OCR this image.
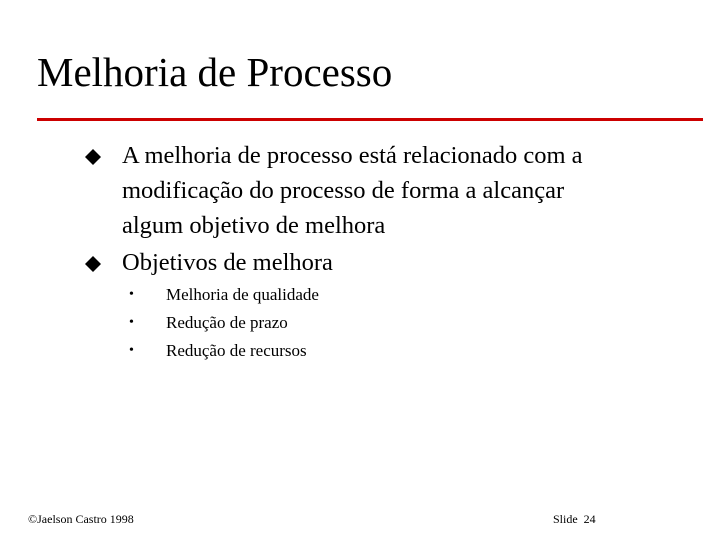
Melhoria de Processo
A melhoria de processo está relacionado com a
modificação do processo de forma a alcançar
algum objetivo de melhora
Objetivos de melhora
• Melhoria de qualidade
• Redução de prazo
• Redução de recursos
©Jaelson Castro 1998	Slide 24
